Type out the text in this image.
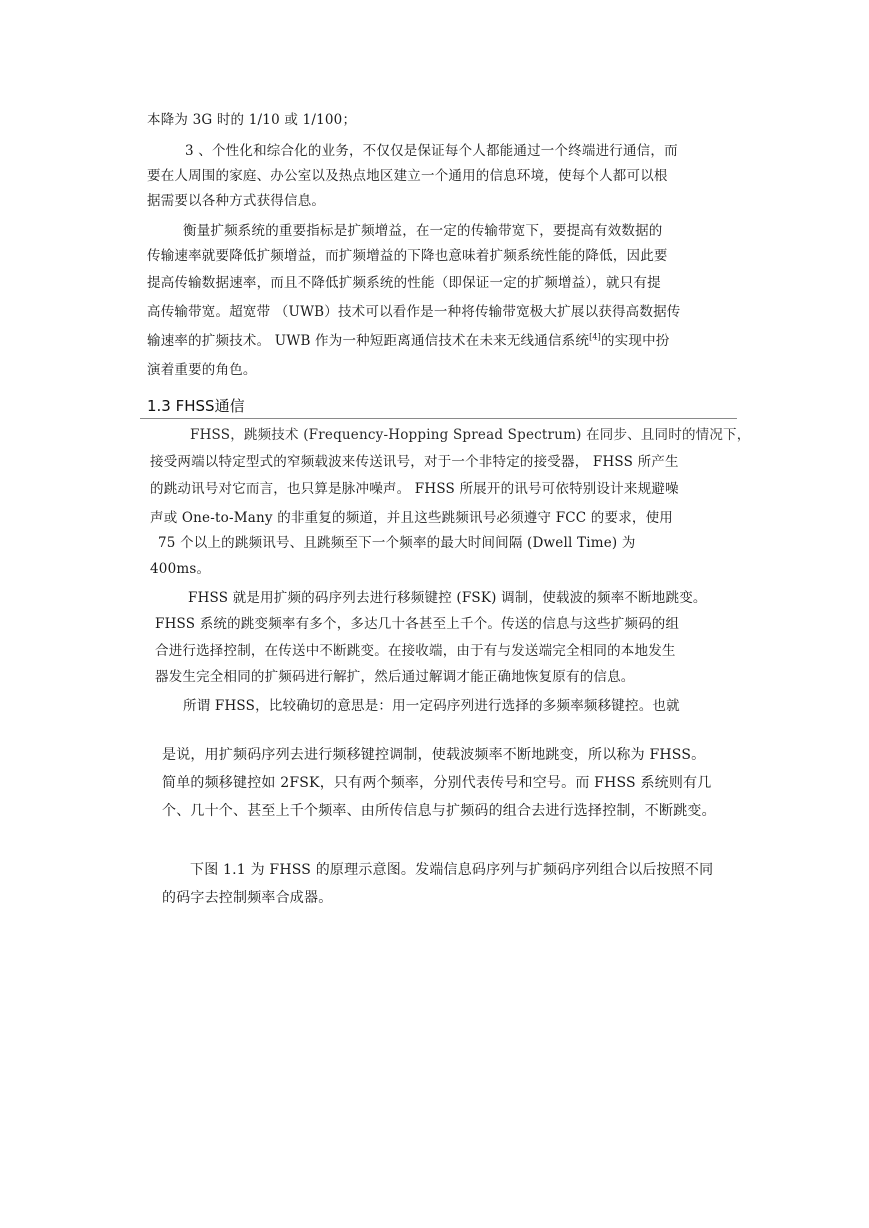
本降为 3G 时的 1/10 或 1/100；
3 、个性化和综合化的业务，不仅仅是保证每个人都能通过一个终端进行通信，而
要在人周围的家庭、办公室以及热点地区建立一个通用的信息环境，使每个人都可以根
据需要以各种方式获得信息。
衡量扩频系统的重要指标是扩频增益，在一定的传输带宽下，要提高有效数据的
传输速率就要降低扩频增益，而扩频增益的下降也意味着扩频系统性能的降低，因此要
提高传输数据速率，而且不降低扩频系统的性能（即保证一定的扩频增益），就只有提
高传输带宽。超宽带 （UWB）技术可以看作是一种将传输带宽极大扩展以获得高数据传
输速率的扩频技术。 UWB 作为一种短距离通信技术在未来无线通信系统[4]的实现中扮
演着重要的角色。
1.3 FHSS通信
FHSS，跳频技术 (Frequency-Hopping Spread Spectrum) 在同步、且同时的情况下，
接受两端以特定型式的窄频载波来传送讯号，对于一个非特定的接受器， FHSS 所产生
的跳动讯号对它而言，也只算是脉冲噪声。 FHSS 所展开的讯号可依特别设计来规避噪
声或 One-to-Many 的非重复的频道，并且这些跳频讯号必须遵守 FCC 的要求，使用
75 个以上的跳频讯号、且跳频至下一个频率的最大时间间隔 (Dwell Time) 为
400ms。
FHSS 就是用扩频的码序列去进行移频键控 (FSK) 调制，使载波的频率不断地跳变。
FHSS 系统的跳变频率有多个，多达几十各甚至上千个。传送的信息与这些扩频码的组
合进行选择控制，在传送中不断跳变。在接收端，由于有与发送端完全相同的本地发生
器发生完全相同的扩频码进行解扩，然后通过解调才能正确地恢复原有的信息。
所谓 FHSS，比较确切的意思是：用一定码序列进行选择的多频率频移键控。也就
是说，用扩频码序列去进行频移键控调制，使载波频率不断地跳变，所以称为 FHSS。
简单的频移键控如 2FSK，只有两个频率，分别代表传号和空号。而 FHSS 系统则有几
个、几十个、甚至上千个频率、由所传信息与扩频码的组合去进行选择控制，不断跳变。
下图 1.1 为 FHSS 的原理示意图。发端信息码序列与扩频码序列组合以后按照不同
的码字去控制频率合成器。
